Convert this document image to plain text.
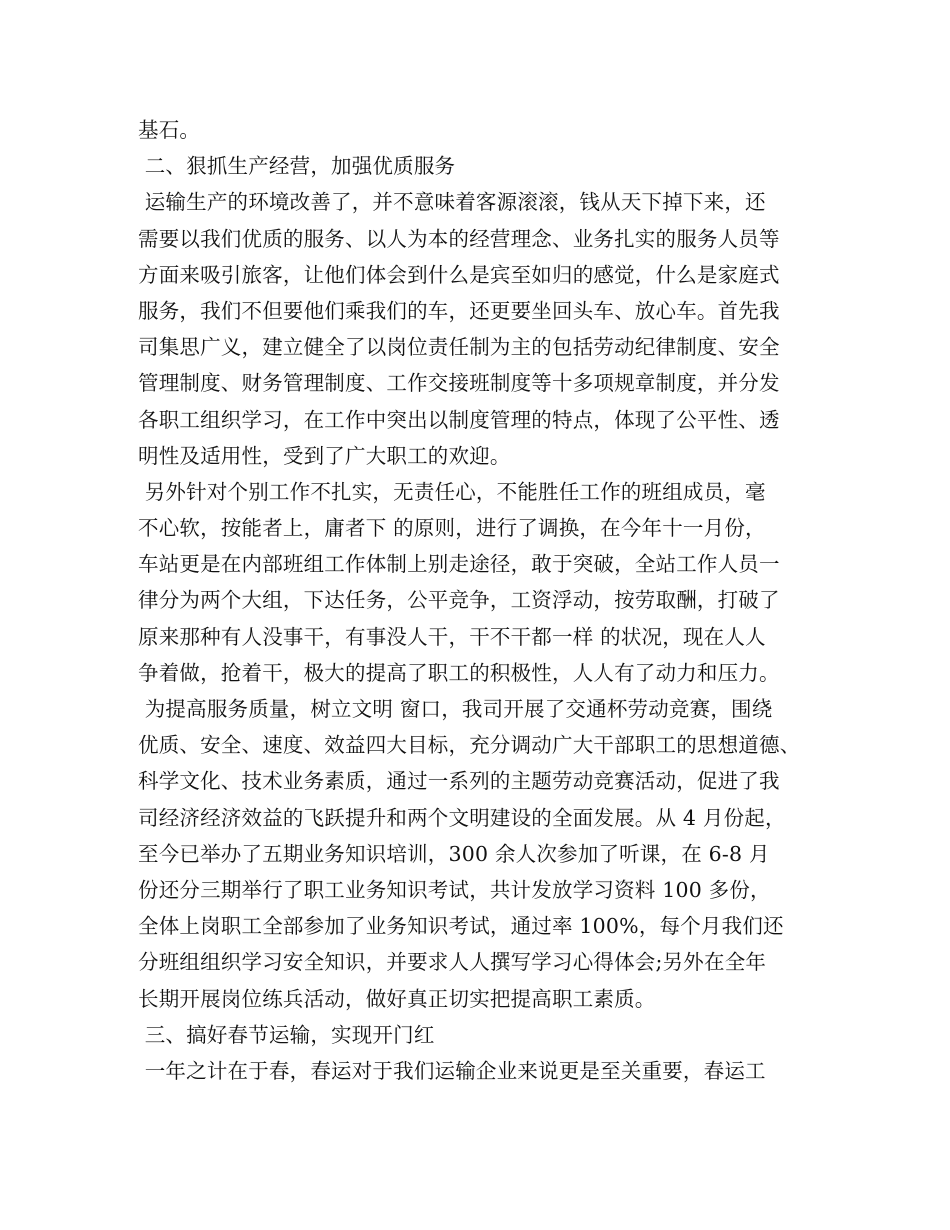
基石。
二、狠抓生产经营，加强优质服务
运输生产的环境改善了，并不意味着客源滚滚，钱从天下掉下来，还
需要以我们优质的服务、以人为本的经营理念、业务扎实的服务人员等
方面来吸引旅客，让他们体会到什么是宾至如归的感觉，什么是家庭式
服务，我们不但要他们乘我们的车，还更要坐回头车、放心车。首先我
司集思广义，建立健全了以岗位责任制为主的包括劳动纪律制度、安全
管理制度、财务管理制度、工作交接班制度等十多项规章制度，并分发
各职工组织学习，在工作中突出以制度管理的特点，体现了公平性、透
明性及适用性，受到了广大职工的欢迎。
另外针对个别工作不扎实，无责任心，不能胜任工作的班组成员，毫
不心软，按能者上，庸者下 的原则，进行了调换，在今年十一月份，
车站更是在内部班组工作体制上别走途径，敢于突破，全站工作人员一
律分为两个大组，下达任务，公平竞争，工资浮动，按劳取酬，打破了
原来那种有人没事干，有事没人干，干不干都一样 的状况，现在人人
争着做，抢着干，极大的提高了职工的积极性，人人有了动力和压力。
为提高服务质量，树立文明 窗口，我司开展了交通杯劳动竞赛，围绕
优质、安全、速度、效益四大目标，充分调动广大干部职工的思想道德、
科学文化、技术业务素质，通过一系列的主题劳动竞赛活动，促进了我
司经济经济效益的飞跃提升和两个文明建设的全面发展。从 4 月份起，
至今已举办了五期业务知识培训，300 余人次参加了听课，在 6-8 月
份还分三期举行了职工业务知识考试，共计发放学习资料 100 多份，
全体上岗职工全部参加了业务知识考试，通过率 100%，每个月我们还
分班组组织学习安全知识，并要求人人撰写学习心得体会;另外在全年
长期开展岗位练兵活动，做好真正切实把提高职工素质。
三、搞好春节运输，实现开门红
一年之计在于春，春运对于我们运输企业来说更是至关重要，春运工
